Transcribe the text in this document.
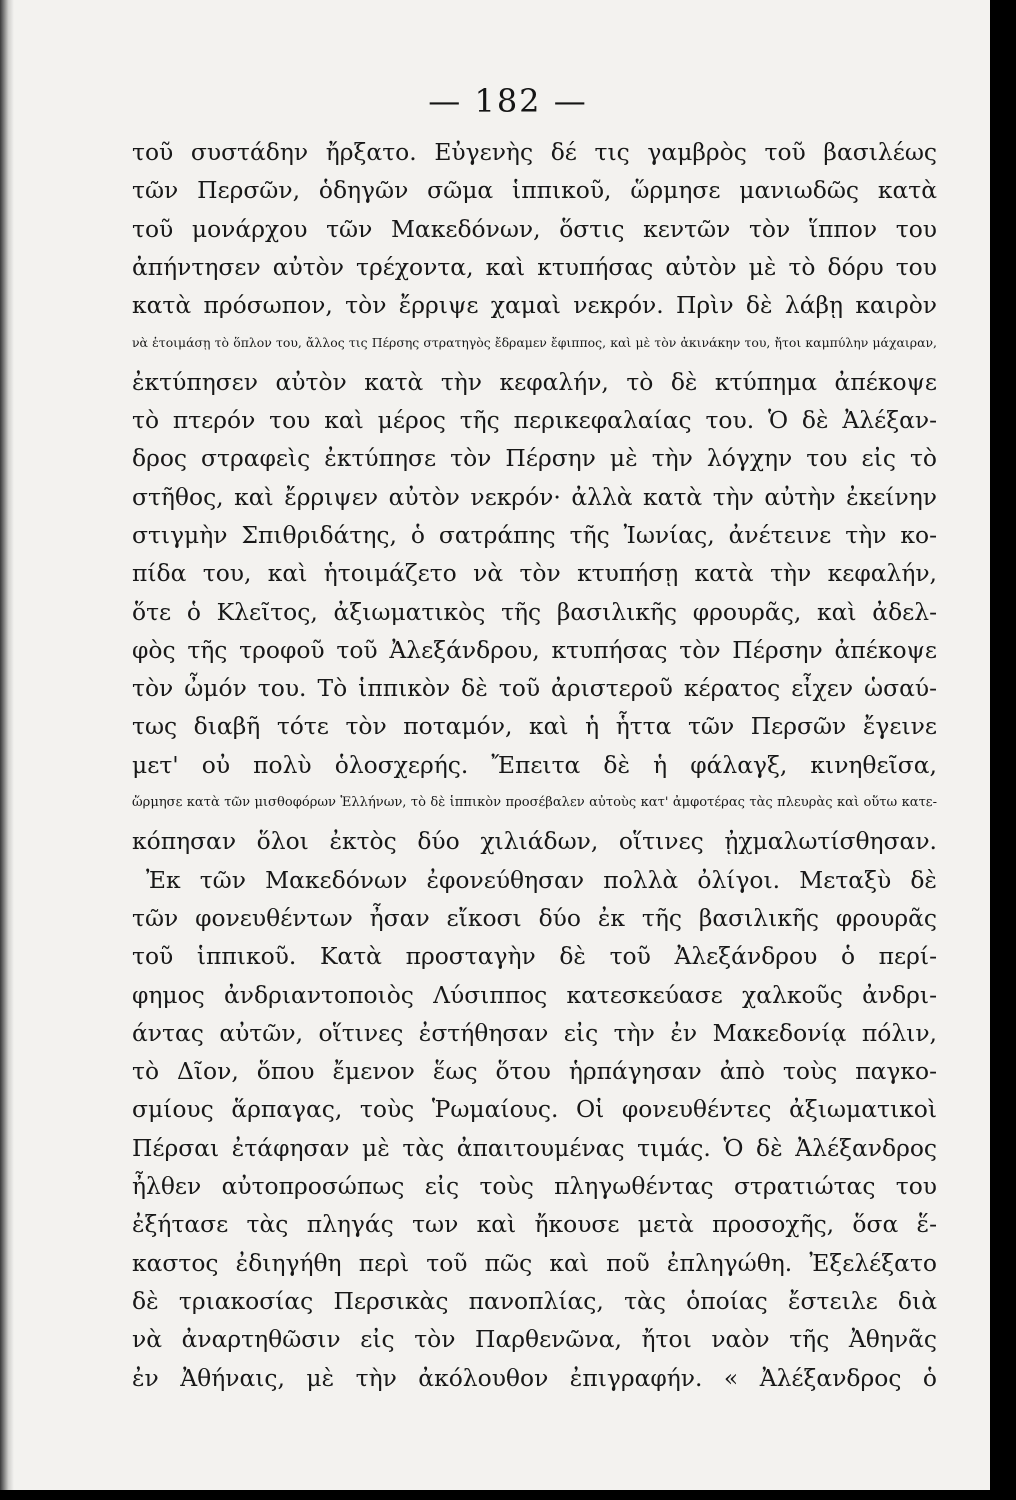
— 182 —
τοῦ συστάδην ἤρξατο. Εὐγενὴς δέ τις γαμβρὸς τοῦ βασιλέως
τῶν Περσῶν, ὁδηγῶν σῶμα ἱππικοῦ, ὥρμησε μανιωδῶς κατὰ
τοῦ μονάρχου τῶν Μακεδόνων, ὅστις κεντῶν τὸν ἵππον του
ἀπήντησεν αὐτὸν τρέχοντα, καὶ κτυπήσας αὐτὸν μὲ τὸ δόρυ του
κατὰ πρόσωπον, τὸν ἔρριψε χαμαὶ νεκρόν. Πρὶν δὲ λάβῃ καιρὸν
νὰ ἑτοιμάσῃ τὸ ὅπλον του, ἄλλος τις Πέρσης στρατηγὸς ἔδραμεν ἔφιππος, καὶ μὲ τὸν ἀκινάκην του, ἤτοι καμπύλην μάχαιραν,
ἐκτύπησεν αὐτὸν κατὰ τὴν κεφαλήν, τὸ δὲ κτύπημα ἀπέκοψε
τὸ πτερόν του καὶ μέρος τῆς περικεφαλαίας του. Ὁ δὲ Ἀλέξαν-
δρος στραφεὶς ἐκτύπησε τὸν Πέρσην μὲ τὴν λόγχην του εἰς τὸ
στῆθος, καὶ ἔρριψεν αὐτὸν νεκρόν· ἀλλὰ κατὰ τὴν αὐτὴν ἐκείνην
στιγμὴν Σπιθριδάτης, ὁ σατράπης τῆς Ἰωνίας, ἀνέτεινε τὴν κο-
πίδα του, καὶ ἡτοιμάζετο νὰ τὸν κτυπήσῃ κατὰ τὴν κεφαλήν,
ὅτε ὁ Κλεῖτος, ἀξιωματικὸς τῆς βασιλικῆς φρουρᾶς, καὶ ἀδελ-
φὸς τῆς τροφοῦ τοῦ Ἀλεξάνδρου, κτυπήσας τὸν Πέρσην ἀπέκοψε
τὸν ὦμόν του. Τὸ ἱππικὸν δὲ τοῦ ἀριστεροῦ κέρατος εἶχεν ὡσαύ-
τως διαβῆ τότε τὸν ποταμόν, καὶ ἡ ἧττα τῶν Περσῶν ἔγεινε
μετ' οὐ πολὺ ὁλοσχερής. Ἔπειτα δὲ ἡ φάλαγξ, κινηθεῖσα,
ὥρμησε κατὰ τῶν μισθοφόρων Ἑλλήνων, τὸ δὲ ἱππικὸν προσέβαλεν αὐτοὺς κατ' ἀμφοτέρας τὰς πλευρὰς καὶ οὕτω κατε-
κόπησαν ὅλοι ἐκτὸς δύο χιλιάδων, οἵτινες ᾐχμαλωτίσθησαν.
Ἐκ τῶν Μακεδόνων ἐφονεύθησαν πολλὰ ὀλίγοι. Μεταξὺ δὲ
τῶν φονευθέντων ἦσαν εἴκοσι δύο ἐκ τῆς βασιλικῆς φρουρᾶς
τοῦ ἱππικοῦ. Κατὰ προσταγὴν δὲ τοῦ Ἀλεξάνδρου ὁ περί-
φημος ἀνδριαντοποιὸς Λύσιππος κατεσκεύασε χαλκοῦς ἀνδρι-
άντας αὐτῶν, οἵτινες ἐστήθησαν εἰς τὴν ἐν Μακεδονίᾳ πόλιν,
τὸ Δῖον, ὅπου ἔμενον ἕως ὅτου ἡρπάγησαν ἀπὸ τοὺς παγκο-
σμίους ἅρπαγας, τοὺς Ῥωμαίους. Οἱ φονευθέντες ἀξιωματικοὶ
Πέρσαι ἐτάφησαν μὲ τὰς ἀπαιτουμένας τιμάς. Ὁ δὲ Ἀλέξανδρος
ἦλθεν αὐτοπροσώπως εἰς τοὺς πληγωθέντας στρατιώτας του
ἐξήτασε τὰς πληγάς των καὶ ἤκουσε μετὰ προσοχῆς, ὅσα ἕ-
καστος ἐδιηγήθη περὶ τοῦ πῶς καὶ ποῦ ἐπληγώθη. Ἐξελέξατο
δὲ τριακοσίας Περσικὰς πανοπλίας, τὰς ὁποίας ἔστειλε διὰ
νὰ ἀναρτηθῶσιν εἰς τὸν Παρθενῶνα, ἤτοι ναὸν τῆς Ἀθηνᾶς
ἐν Ἀθήναις, μὲ τὴν ἀκόλουθον ἐπιγραφήν. « Ἀλέξανδρος ὁ
